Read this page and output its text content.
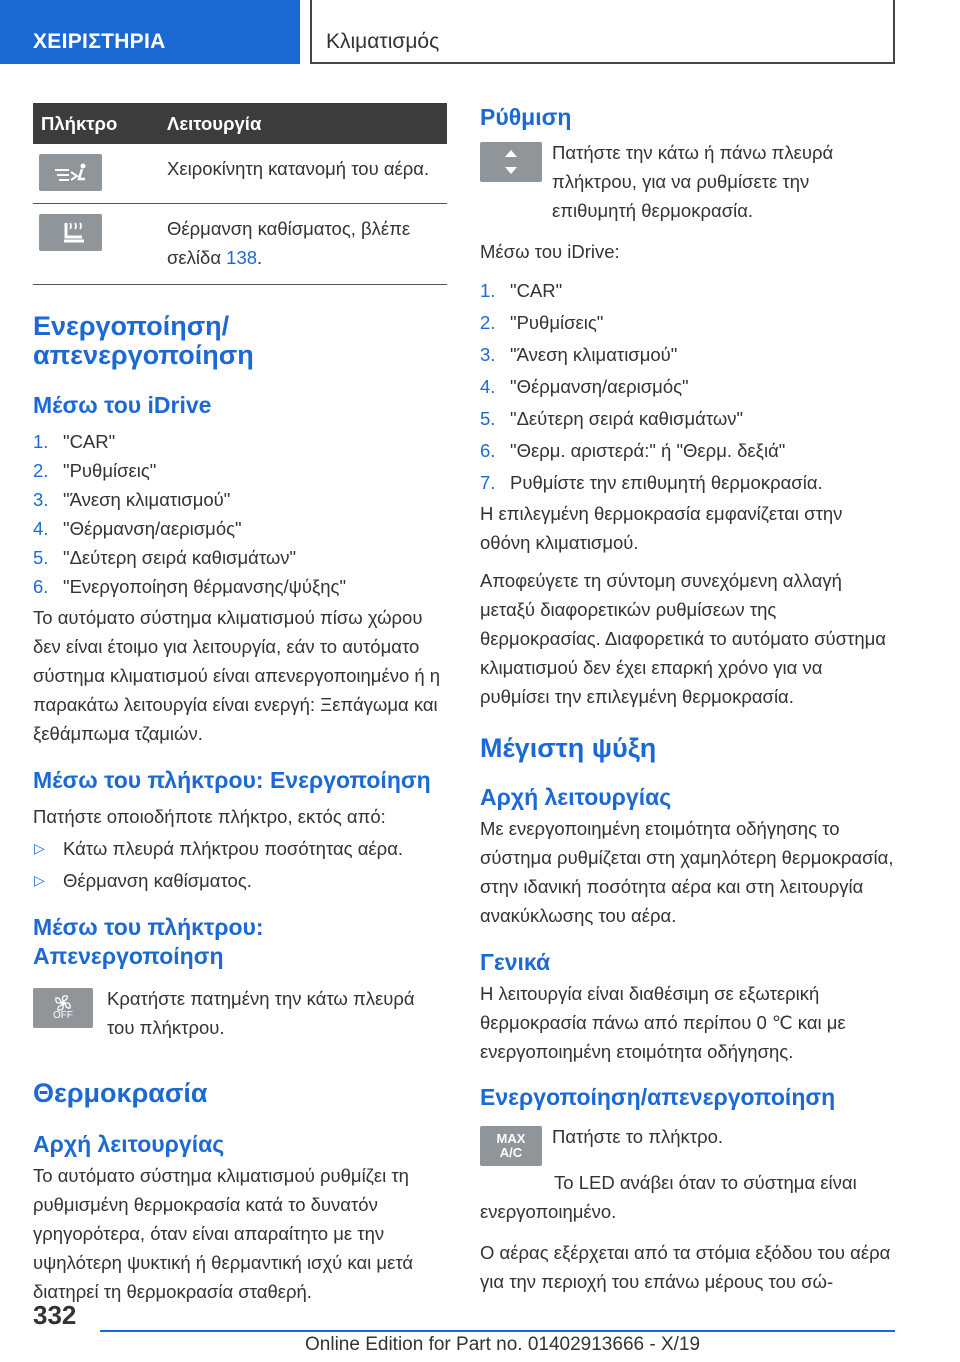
ΧΕΙΡΙΣΤΗΡΙΑ	Κλιματισμός
Πλήκτρο	Λειτουργία

	Χειροκίνητη κατανομή του αέρα.

	Θέρμανση καθίσματος, βλέπε σελίδα 138.
Ενεργοποίηση/απενεργοποίηση
Μέσω του iDrive
1. "CAR"
2. "Ρυθμίσεις"
3. "Άνεση κλιματισμού"
4. "Θέρμανση/αερισμός"
5. "Δεύτερη σειρά καθισμάτων"
6. "Ενεργοποίηση θέρμανσης/ψύξης"

Το αυτόματο σύστημα κλιματισμού πίσω χώρου δεν είναι έτοιμο για λειτουργία, εάν το αυτόματο σύστημα κλιματισμού είναι απενεργοποιημένο ή η παρακάτω λειτουργία είναι ενεργή: Ξεπάγωμα και ξεθάμπωμα τζαμιών.

Μέσω του πλήκτρου: Ενεργοποίηση

Πατήστε οποιοδήποτε πλήκτρο, εκτός από:

▷ Κάτω πλευρά πλήκτρου ποσότητας αέρα.
▷ Θέρμανση καθίσματος.
Μέσω του πλήκτρου: Απενεργοποίηση
OFF

Κρατήστε πατημένη την κάτω πλευρά του πλήκτρου.

Θερμοκρασία
Αρχή λειτουργίας

Το αυτόματο σύστημα κλιματισμού ρυθμίζει τη ρυθμισμένη θερμοκρασία κατά το δυνατόν γρηγορότερα, όταν είναι απαραίτητο με την υψηλότερη ψυκτική ή θερμαντική ισχύ και μετά διατηρεί τη θερμοκρασία σταθερή.

Ρύθμιση

Πατήστε την κάτω ή πάνω πλευρά πλήκτρου, για να ρυθμίσετε την επιθυμητή θερμοκρασία.

Μέσω του iDrive:

1. "CAR"
2. "Ρυθμίσεις"
3. "Άνεση κλιματισμού"
4. "Θέρμανση/αερισμός"
5. "Δεύτερη σειρά καθισμάτων"
6. "Θερμ. αριστερά:" ή "Θερμ. δεξιά"
7. Ρυθμίστε την επιθυμητή θερμοκρασία.

Η επιλεγμένη θερμοκρασία εμφανίζεται στην οθόνη κλιματισμού.

Αποφεύγετε τη σύντομη συνεχόμενη αλλαγή μεταξύ διαφορετικών ρυθμίσεων της θερμοκρασίας. Διαφορετικά το αυτόματο σύστημα κλιματισμού δεν έχει επαρκή χρόνο για να ρυθμίσει την επιλεγμένη θερμοκρασία.

Μέγιστη ψύξη
Αρχή λειτουργίας

Με ενεργοποιημένη ετοιμότητα οδήγησης το σύστημα ρυθμίζεται στη χαμηλότερη θερμοκρασία, στην ιδανική ποσότητα αέρα και στη λειτουργία ανακύκλωσης του αέρα.

Γενικά

Η λειτουργία είναι διαθέσιμη σε εξωτερική θερμοκρασία πάνω από περίπου 0 ℃ και με ενεργοποιημένη ετοιμότητα οδήγησης.

Ενεργοποίηση/απενεργοποίηση
MAX
A/C

Πατήστε το πλήκτρο.

Το LED ανάβει όταν το σύστημα είναι ενεργοποιημένο.

Ο αέρας εξέρχεται από τα στόμια εξόδου του αέρα για την περιοχή του επάνω μέρους του σώ-

332
Online Edition for Part no. 01402913666 - X/19
